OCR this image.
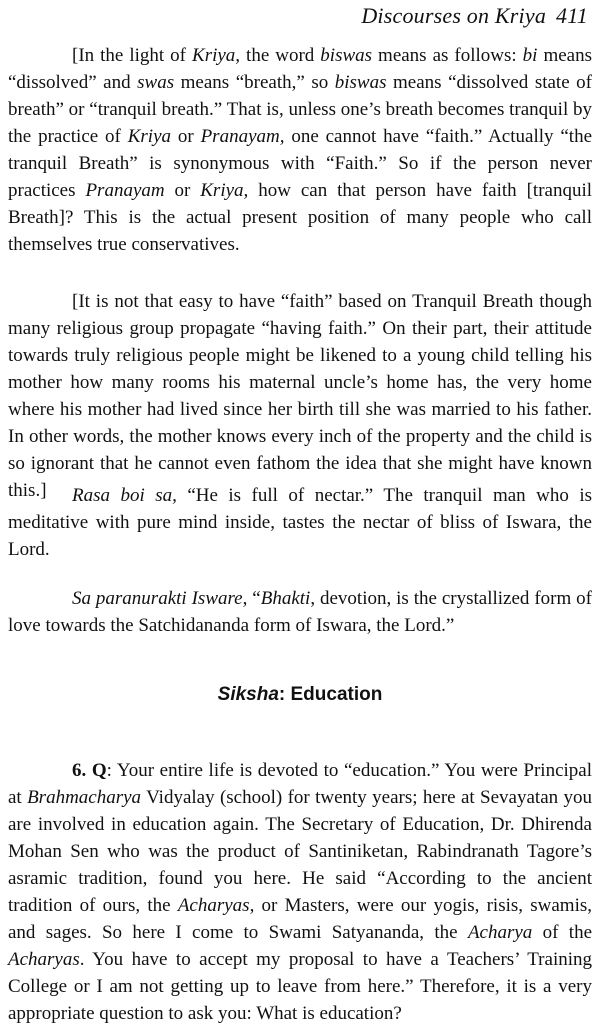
Discourses on Kriya 411

[In the light of Kriya, the word biswas means as follows: bi means “dissolved” and swas means “breath,” so biswas means “dissolved state of breath” or “tranquil breath.” That is, unless one’s breath becomes tranquil by the practice of Kriya or Pranayam, one cannot have “faith.” Actually “the tranquil Breath” is synonymous with “Faith.” So if the person never practices Pranayam or Kriya, how can that person have faith [tranquil Breath]? This is the actual present position of many people who call themselves true conservatives.

[It is not that easy to have “faith” based on Tranquil Breath though many religious group propagate “having faith.” On their part, their attitude towards truly religious people might be likened to a young child telling his mother how many rooms his maternal uncle’s home has, the very home where his mother had lived since her birth till she was married to his father. In other words, the mother knows every inch of the property and the child is so ignorant that he cannot even fathom the idea that she might have known this.]	Rasa boi sa, “He is full of nectar.” The tranquil man who is meditative with pure mind inside, tastes the nectar of bliss of Iswara, the Lord.

Sa paranurakti Isware, “Bhakti, devotion, is the crystallized form of love towards the Satchidananda form of Iswara, the Lord.”

Siksha: Education

6. Q: Your entire life is devoted to “education.” You were Principal at Brahmacharya Vidyalay (school) for twenty years; here at Sevayatan you are involved in education again. The Secretary of Education, Dr. Dhirenda Mohan Sen who was the product of Santiniketan, Rabindranath Tagore’s asramic tradition, found you here. He said “According to the ancient tradition of ours, the Acharyas, or Masters, were our yogis, risis, swamis, and sages. So here I come to Swami Satyananda, the Acharya of the Acharyas. You have to accept my proposal to have a Teachers’ Training College or I am not getting up to leave from here.” Therefore, it is a very appropriate question to ask you: What is education?
